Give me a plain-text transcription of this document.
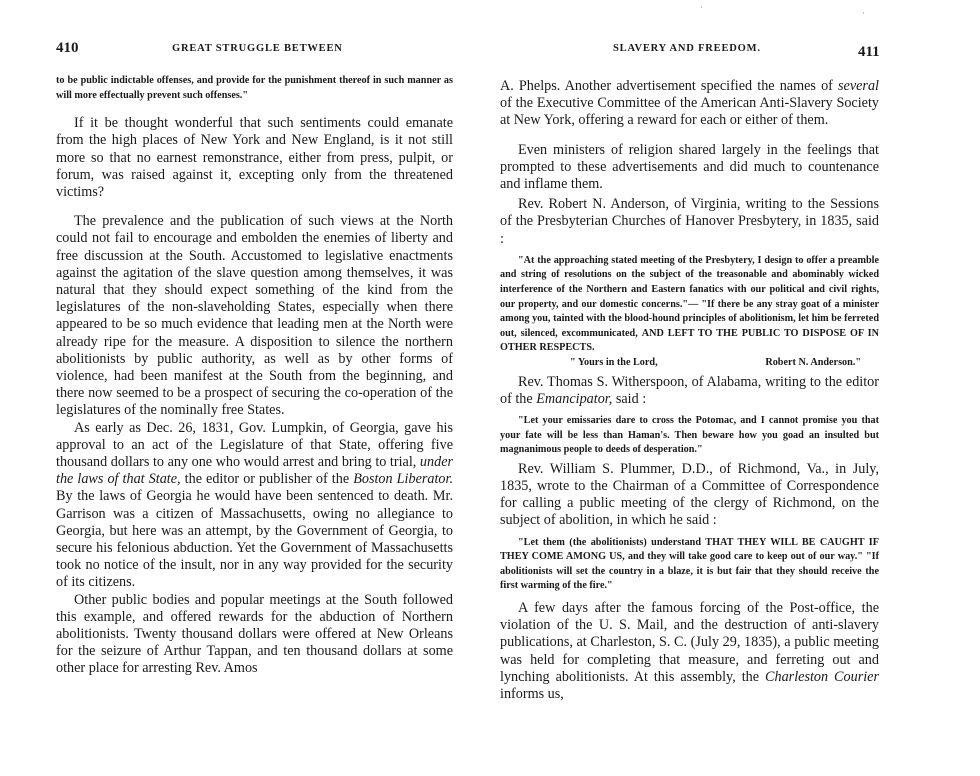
·
·
410	GREAT STRUGGLE BETWEEN

to be public indictable offenses, and provide for the punishment thereof in such manner as will more effectually prevent such offenses."

If it be thought wonderful that such sentiments could emanate from the high places of New York and New England, is it not still more so that no earnest remonstrance, either from press, pulpit, or forum, was raised against it, excepting only from the threatened victims?

The prevalence and the publication of such views at the North could not fail to encourage and embolden the enemies of liberty and free discussion at the South. Accustomed to legislative enactments against the agitation of the slave question among themselves, it was natural that they should expect something of the kind from the legislatures of the non-slaveholding States, especially when there appeared to be so much evidence that leading men at the North were already ripe for the measure. A disposition to silence the northern abolitionists by public authority, as well as by other forms of violence, had been manifest at the South from the beginning, and there now seemed to be a prospect of securing the co-operation of the legislatures of the nominally free States.

As early as Dec. 26, 1831, Gov. Lumpkin, of Georgia, gave his approval to an act of the Legislature of that State, offering five thousand dollars to any one who would arrest and bring to trial, under the laws of that State, the editor or publisher of the Boston Liberator. By the laws of Georgia he would have been sentenced to death. Mr. Garrison was a citizen of Massachusetts, owing no allegiance to Georgia, but here was an attempt, by the Government of Georgia, to secure his felonious abduction. Yet the Government of Massachusetts took no notice of the insult, nor in any way provided for the security of its citizens.

Other public bodies and popular meetings at the South followed this example, and offered rewards for the abduction of Northern abolitionists. Twenty thousand dollars were offered at New Orleans for the seizure of Arthur Tappan, and ten thousand dollars at some other place for arresting Rev. Amos

SLAVERY AND FREEDOM.	411

A. Phelps. Another advertisement specified the names of several of the Executive Committee of the American Anti-Slavery Society at New York, offering a reward for each or either of them.

Even ministers of religion shared largely in the feelings that prompted to these advertisements and did much to countenance and inflame them.

Rev. Robert N. Anderson, of Virginia, writing to the Sessions of the Presbyterian Churches of Hanover Presbytery, in 1835, said :

"At the approaching stated meeting of the Presbytery, I design to offer a preamble and string of resolutions on the subject of the treasonable and abominably wicked interference of the Northern and Eastern fanatics with our political and civil rights, our property, and our domestic concerns."— "If there be any stray goat of a minister among you, tainted with the blood-hound principles of abolitionism, let him be ferreted out, silenced, excommunicated, AND LEFT TO THE PUBLIC TO DISPOSE OF IN OTHER RESPECTS.

" Yours in the Lord,	Robert N. Anderson."

Rev. Thomas S. Witherspoon, of Alabama, writing to the editor of the Emancipator, said :

"Let your emissaries dare to cross the Potomac, and I cannot promise you that your fate will be less than Haman's. Then beware how you goad an insulted but magnanimous people to deeds of desperation."

Rev. William S. Plummer, D.D., of Richmond, Va., in July, 1835, wrote to the Chairman of a Committee of Correspondence for calling a public meeting of the clergy of Richmond, on the subject of abolition, in which he said :

"Let them (the abolitionists) understand THAT THEY WILL BE CAUGHT IF THEY COME AMONG US, and they will take good care to keep out of our way." "If abolitionists will set the country in a blaze, it is but fair that they should receive the first warming of the fire."

A few days after the famous forcing of the Post-office, the violation of the U. S. Mail, and the destruction of anti-slavery publications, at Charleston, S. C. (July 29, 1835), a public meeting was held for completing that measure, and ferreting out and lynching abolitionists. At this assembly, the Charleston Courier informs us,
